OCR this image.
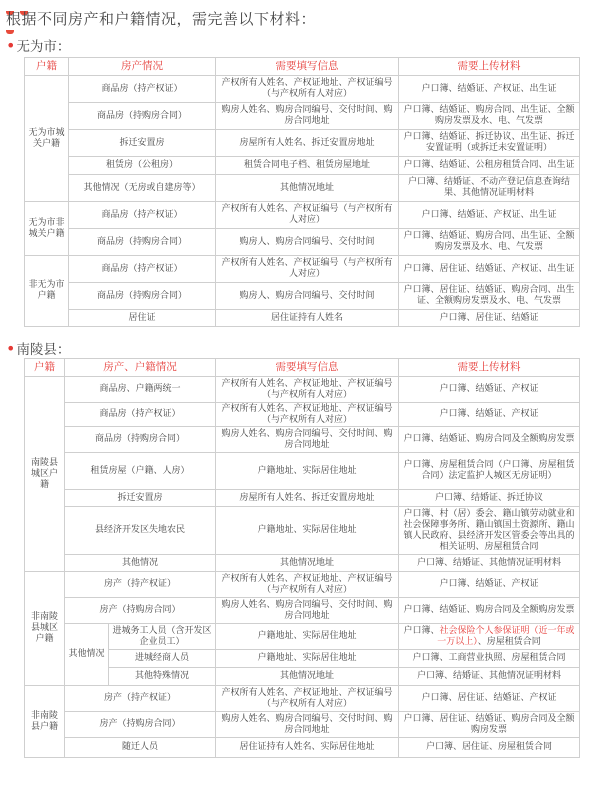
根据不同房产和户籍情况，需完善以下材料：
•无为市：
户籍	房产情况	需要填写信息	需要上传材料
无为市城关户籍	商品房（持产权证）	产权所有人姓名、产权证地址、产权证编号（与产权所有人对应）	户口簿、结婚证、产权证、出生证
	商品房（持购房合同）	购房人姓名、购房合同编号、交付时间、购房合同地址	户口簿、结婚证、购房合同、出生证、全额购房发票及水、电、气发票
	拆迁安置房	房屋所有人姓名、拆迁安置房地址	户口簿、结婚证、拆迁协议、出生证、拆迁安置证明（或拆迁未安置证明）
	租赁房（公租房）	租赁合同电子档、租赁房屋地址	户口簿、结婚证、公租房租赁合同、出生证
	其他情况（无房或自建房等）	其他情况地址	户口簿、结婚证、不动产登记信息查询结果、其他情况证明材料
无为市非城关户籍	商品房（持产权证）	产权所有人姓名、产权证编号（与产权所有人对应）	户口簿、结婚证、产权证、出生证
	商品房（持购房合同）	购房人、购房合同编号、交付时间	户口簿、结婚证、购房合同、出生证、全额购房发票及水、电、气发票
非无为市户籍	商品房（持产权证）	产权所有人姓名、产权证编号（与产权所有人对应）	户口簿、居住证、结婚证、产权证、出生证
	商品房（持购房合同）	购房人、购房合同编号、交付时间	户口簿、居住证、结婚证、购房合同、出生证、全额购房发票及水、电、气发票
	居住证	居住证持有人姓名	户口簿、居住证、结婚证
•南陵县：
户籍	房产、户籍情况		需要填写信息	需要上传材料
南陵县城区户籍	商品房、户籍两统一		产权所有人姓名、产权证地址、产权证编号（与产权所有人对应）	户口簿、结婚证、产权证
	商品房（持产权证）		产权所有人姓名、产权证地址、产权证编号（与产权所有人对应）	户口簿、结婚证、产权证
	商品房（持购房合同）		购房人姓名、购房合同编号、交付时间、购房合同地址	户口簿、结婚证、购房合同及全额购房发票
	租赁房屋（户籍、人房）		户籍地址、实际居住地址	户口簿、房屋租赁合同（户口簿、房屋租赁合同）法定监护人城区无房证明）
	拆迁安置房		房屋所有人姓名、拆迁安置房地址	户口簿、结婚证、拆迁协议
	县经济开发区失地农民		户籍地址、实际居住地址	户口簿、村（居）委会、籍山镇劳动就业和社会保障事务所、籍山镇国土资源所、籍山镇人民政府、县经济开发区管委会等出具的相关证明、房屋租赁合同
	其他情况		其他情况地址	户口簿、结婚证、其他情况证明材料
非南陵县城区户籍	房产（持产权证）		产权所有人姓名、产权证地址、产权证编号（与产权所有人对应）	户口簿、结婚证、产权证
	房产（持购房合同）		购房人姓名、购房合同编号、交付时间、购房合同地址	户口簿、结婚证、购房合同及全额购房发票
	其他情况	进城务工人员（含开发区企业员工）	户籍地址、实际居住地址	户口簿、社会保险个人参保证明（近一年或一万以上）、房屋租赁合同
		进城经商人员	户籍地址、实际居住地址	户口簿、工商营业执照、房屋租赁合同
		其他特殊情况	其他情况地址	户口簿、结婚证、其他情况证明材料
非南陵县户籍	房产（持产权证）		产权所有人姓名、产权证地址、产权证编号（与产权所有人对应）	户口簿、居住证、结婚证、产权证
	房产（持购房合同）		购房人姓名、购房合同编号、交付时间、购房合同地址	户口簿、居住证、结婚证、购房合同及全额购房发票
	随迁人员		居住证持有人姓名、实际居住地址	户口簿、居住证、房屋租赁合同
